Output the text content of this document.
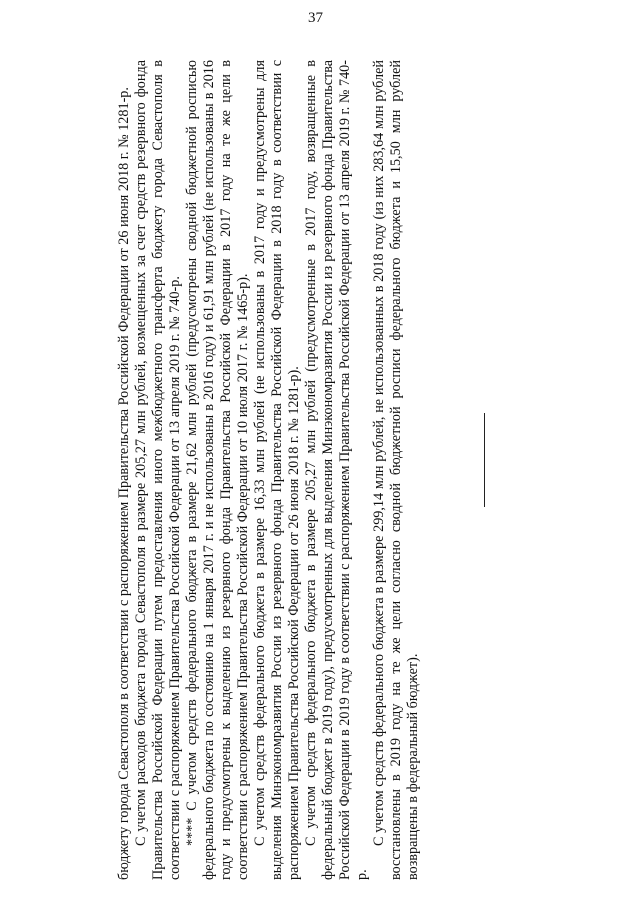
37

бюджету города Севастополя в соответствии с распоряжением Правительства Российской Федерации от 26 июня 2018 г. № 1281-р. С учетом расходов бюджета города Севастополя в размере 205,27 млн рублей, возмещенных за счет средств резервного фонда Правительства Российской Федерации путем предоставления иного межбюджетного трансферта бюджету города Севастополя в соответствии с распоряжением Правительства Российской Федерации от 13 апреля 2019 г. № 740-р. **** С учетом средств федерального бюджета в размере 21,62 млн рублей (предусмотрены сводной бюджетной росписью федерального бюджета по состоянию на 1 января 2017 г. и не использованы в 2016 году) и 61,91 млн рублей (не использованы в 2016 году и предусмотрены к выделению из резервного фонда Правительства Российской Федерации в 2017 году на те же цели в соответствии с распоряжением Правительства Российской Федерации от 10 июля 2017 г. № 1465-р). С учетом средств федерального бюджета в размере 16,33 млн рублей (не использованы в 2017 году и предусмотрены для выделения Минэкономразвития России из резервного фонда Правительства Российской Федерации в 2018 году в соответствии с распоряжением Правительства Российской Федерации от 26 июня 2018 г. № 1281-р). С учетом средств федерального бюджета в размере 205,27 млн рублей (предусмотренные в 2017 году, возвращенные в федеральный бюджет в 2019 году), предусмотренных для выделения Минэкономразвития России из резервного фонда Правительства Российской Федерации в 2019 году в соответствии с распоряжением Правительства Российской Федерации от 13 апреля 2019 г. № 740-р.

С учетом средств федерального бюджета в размере 299,14 млн рублей, не использованных в 2018 году (из них 283,64 млн рублей восстановлены в 2019 году на те же цели согласно сводной бюджетной росписи федерального бюджета и 15,50 млн рублей возвращены в федеральный бюджет).
